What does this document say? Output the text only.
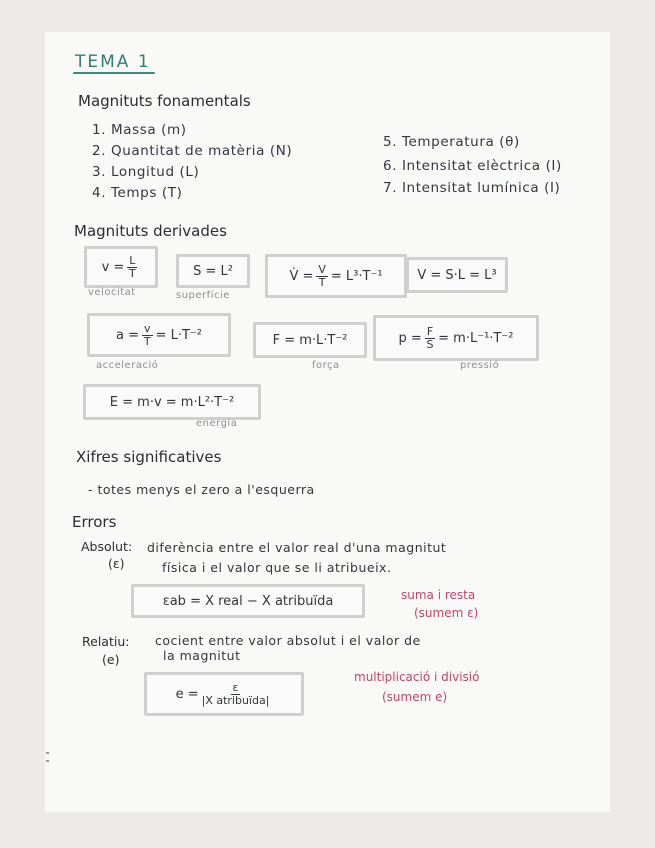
TEMA 1
Magnituts fonamentals
1. Massa (m)
2. Quantitat de matèria (N)
3. Longitud (L)
4. Temps (T)
5. Temperatura (θ)
6. Intensitat elèctrica (I)
7. Intensitat lumínica (I)
Magnituts derivades
$v = \frac{L}{T}$
velocitat
S = L²
superfície
V̇ = $\frac{V}{T} = L^3\cdot T^{-1}$	V = S·L = L³
$a = \frac{v}{T} = L\cdot T^{-2}$
acceleració
F = m·L·T⁻²
força
$p = \frac{F}{S} = m\cdot L^{-1}\cdot T^{-2}$
pressió
E = m·v = m·L²·T⁻²
energia
Xifres significatives
- totes menys el zero a l'esquerra
Errors
Absolut:
(ε)
diferència entre el valor real d'una magnitut
física i el valor que se li atribueix.
εab = X real − X atribuïda	suma i resta
(sumem ε)
Relatiu:
(e)
cocient entre valor absolut i el valor de
la magnitut
$e = \frac{\varepsilon}{\text{|X atribuïda|}}$
multiplicació i divisió
(sumem e)
